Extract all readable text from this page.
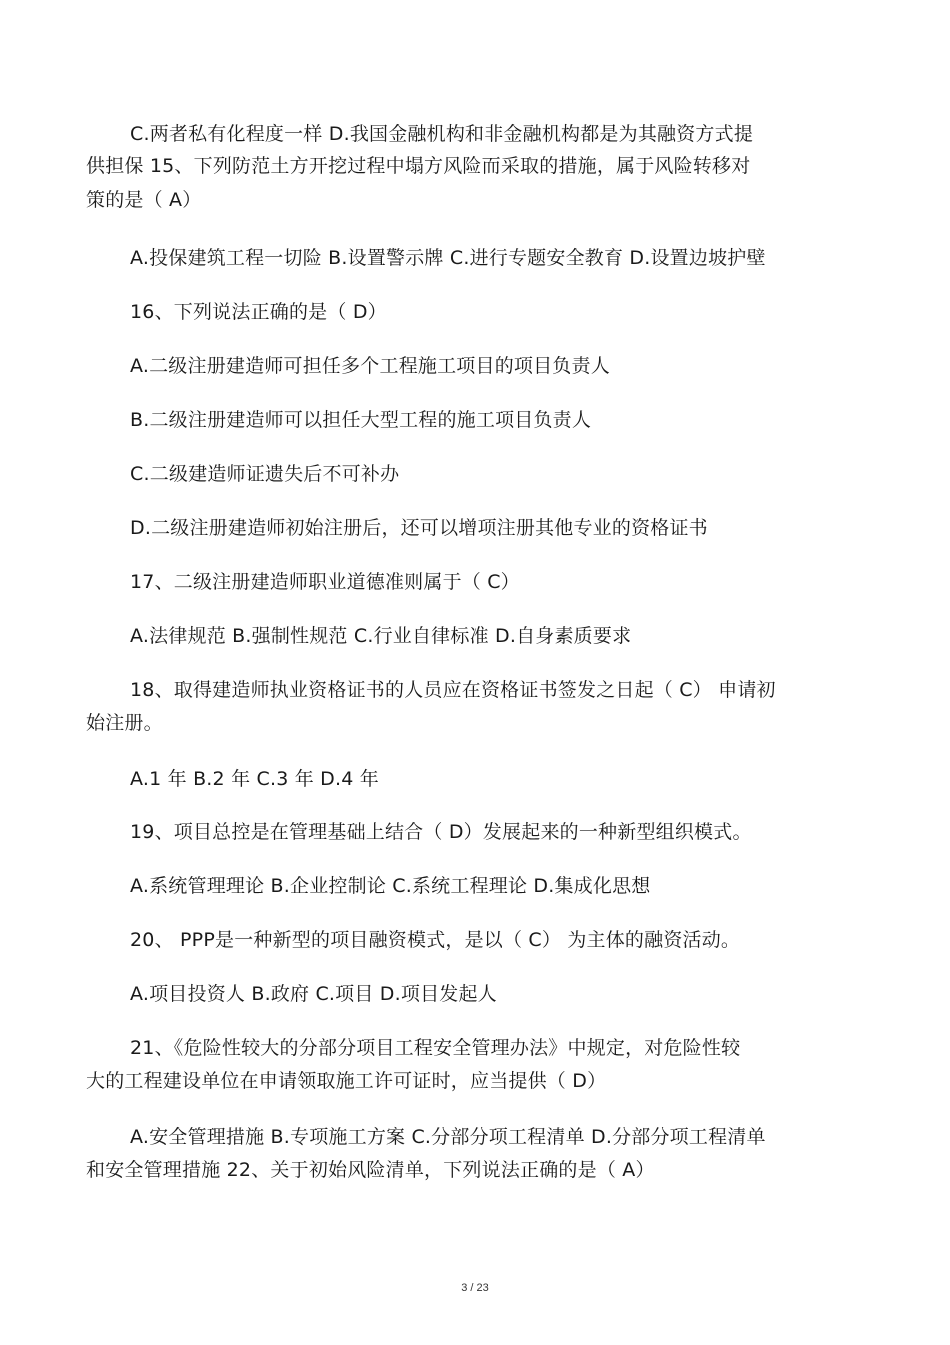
C.两者私有化程度一样 D.我国金融机构和非金融机构都是为其融资方式提

供担保 15、下列防范土方开挖过程中塌方风险而采取的措施，属于风险转移对

策的是（ A）

A.投保建筑工程一切险 B.设置警示牌 C.进行专题安全教育 D.设置边坡护壁

16、下列说法正确的是（ D）

A.二级注册建造师可担任多个工程施工项目的项目负责人

B.二级注册建造师可以担任大型工程的施工项目负责人

C.二级建造师证遗失后不可补办

D.二级注册建造师初始注册后，还可以增项注册其他专业的资格证书

17、二级注册建造师职业道德准则属于（ C）

A.法律规范 B.强制性规范 C.行业自律标准 D.自身素质要求

18、取得建造师执业资格证书的人员应在资格证书签发之日起（ C） 申请初

始注册。

A.1 年 B.2 年 C.3 年 D.4 年

19、项目总控是在管理基础上结合（ D）发展起来的一种新型组织模式。

A.系统管理理论 B.企业控制论 C.系统工程理论 D.集成化思想

20、 PPP是一种新型的项目融资模式，是以（ C） 为主体的融资活动。

A.项目投资人 B.政府 C.项目 D.项目发起人

21、《危险性较大的分部分项目工程安全管理办法》中规定，对危险性较

大的工程建设单位在申请领取施工许可证时，应当提供（ D）

A.安全管理措施 B.专项施工方案 C.分部分项工程清单 D.分部分项工程清单

和安全管理措施 22、关于初始风险清单，下列说法正确的是（ A）

3 / 23
